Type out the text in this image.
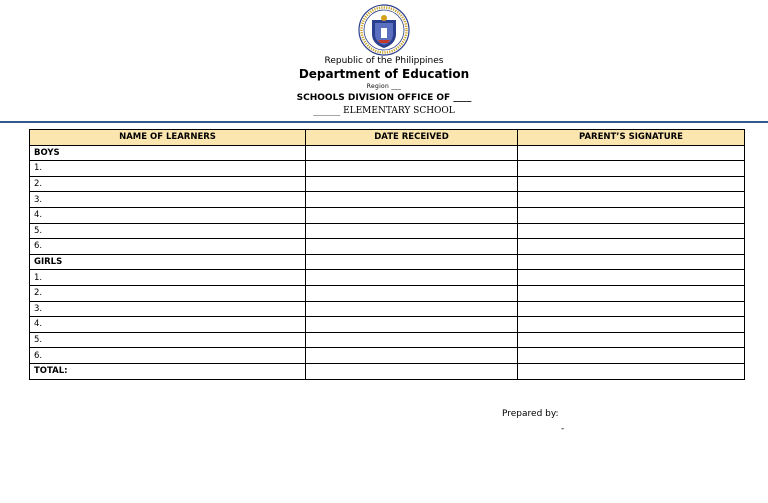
Republic of the Philippines
Department of Education
Region ___
SCHOOLS DIVISION OFFICE OF ____
______ ELEMENTARY SCHOOL
NAME OF LEARNERS	DATE RECEIVED	PARENT’S SIGNATURE
BOYS		
1.		
2.		
3.		
4.		
5.		
6.		
GIRLS		
1.		
2.		
3.		
4.		
5.		
6.		
TOTAL:		
Prepared by:
-
